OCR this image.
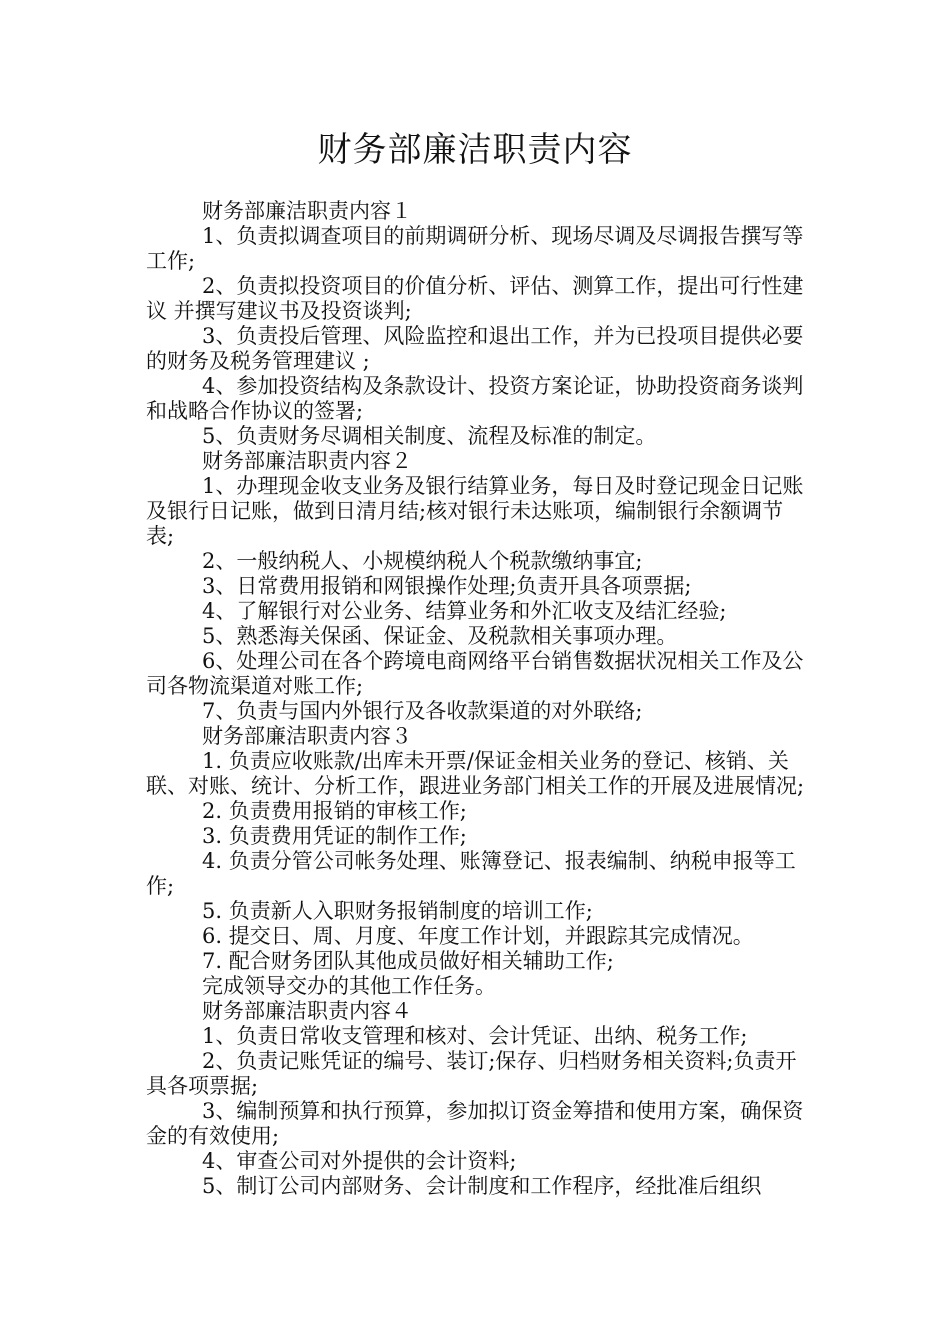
财务部廉洁职责内容
财务部廉洁职责内容１
1、负责拟调查项目的前期调研分析、现场尽调及尽调报告撰写等工作;
2、负责拟投资项目的价值分析、评估、测算工作，提出可行性建议 并撰写建议书及投资谈判;
3、负责投后管理、风险监控和退出工作，并为已投项目提供必要的财务及税务管理建议 ;
4、参加投资结构及条款设计、投资方案论证，协助投资商务谈判和战略合作协议的签署;
5、负责财务尽调相关制度、流程及标准的制定。
财务部廉洁职责内容２
1、办理现金收支业务及银行结算业务，每日及时登记现金日记账及银行日记账，做到日清月结;核对银行未达账项，编制银行余额调节表;
2、一般纳税人、小规模纳税人个税款缴纳事宜;
3、日常费用报销和网银操作处理;负责开具各项票据;
4、了解银行对公业务、结算业务和外汇收支及结汇经验;
5、熟悉海关保函、保证金、及税款相关事项办理。
6、处理公司在各个跨境电商网络平台销售数据状况相关工作及公司各物流渠道对账工作;
7、负责与国内外银行及各收款渠道的对外联络;
财务部廉洁职责内容３
1. 负责应收账款/出库未开票/保证金相关业务的登记、核销、关联、对账、统计、分析工作，跟进业务部门相关工作的开展及进展情况;
2. 负责费用报销的审核工作;
3. 负责费用凭证的制作工作;
4. 负责分管公司帐务处理、账簿登记、报表编制、纳税申报等工作;
5. 负责新人入职财务报销制度的培训工作;
6. 提交日、周、月度、年度工作计划，并跟踪其完成情况。
7. 配合财务团队其他成员做好相关辅助工作;
完成领导交办的其他工作任务。
财务部廉洁职责内容４
1、负责日常收支管理和核对、会计凭证、出纳、税务工作;
2、负责记账凭证的编号、装订;保存、归档财务相关资料;负责开具各项票据;
3、编制预算和执行预算，参加拟订资金筹措和使用方案，确保资金的有效使用;
4、审查公司对外提供的会计资料;
5、制订公司内部财务、会计制度和工作程序，经批准后组织
